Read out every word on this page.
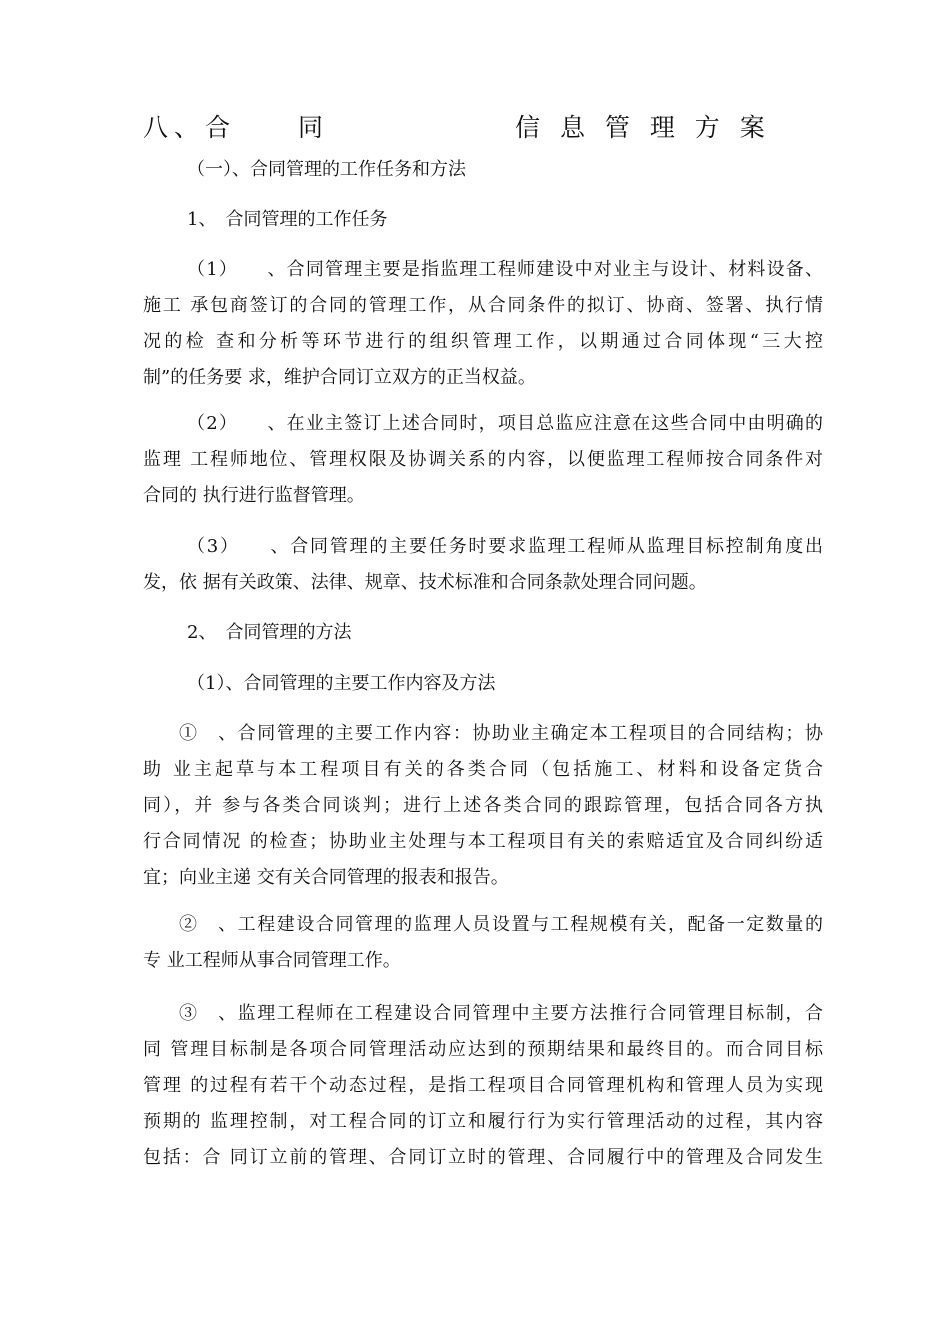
八、合　　同　　　　　　信 息 管 理 方 案
（一）、合同管理的工作任务和方法
1、　合同管理的工作任务
（1）　　、合同管理主要是指监理工程师建设中对业主与设计、材料设备、
施工 承包商签订的合同的管理工作，从合同条件的拟订、协商、签署、执行情
况的检 查和分析等环节进行的组织管理工作，以期通过合同体现“三大控
制”的任务要 求，维护合同订立双方的正当权益。
（2）　　、在业主签订上述合同时，项目总监应注意在这些合同中由明确的
监理 工程师地位、管理权限及协调关系的内容，以便监理工程师按合同条件对
合同的 执行进行监督管理。
（3）　　、合同管理的主要任务时要求监理工程师从监理目标控制角度出
发，依 据有关政策、法律、规章、技术标准和合同条款处理合同问题。
2、　合同管理的方法
（1）、合同管理的主要工作内容及方法
①　、合同管理的主要工作内容：协助业主确定本工程项目的合同结构；协
助 业主起草与本工程项目有关的各类合同（包括施工、材料和设备定货合
同），并 参与各类合同谈判；进行上述各类合同的跟踪管理，包括合同各方执
行合同情况 的检查；协助业主处理与本工程项目有关的索赔适宜及合同纠纷适
宜；向业主递 交有关合同管理的报表和报告。
②　、工程建设合同管理的监理人员设置与工程规模有关，配备一定数量的
专 业工程师从事合同管理工作。
③　、监理工程师在工程建设合同管理中主要方法推行合同管理目标制，合
同 管理目标制是各项合同管理活动应达到的预期结果和最终目的。而合同目标
管理 的过程有若干个动态过程，是指工程项目合同管理机构和管理人员为实现
预期的 监理控制，对工程合同的订立和履行行为实行管理活动的过程，其内容
包括：合 同订立前的管理、合同订立时的管理、合同履行中的管理及合同发生
